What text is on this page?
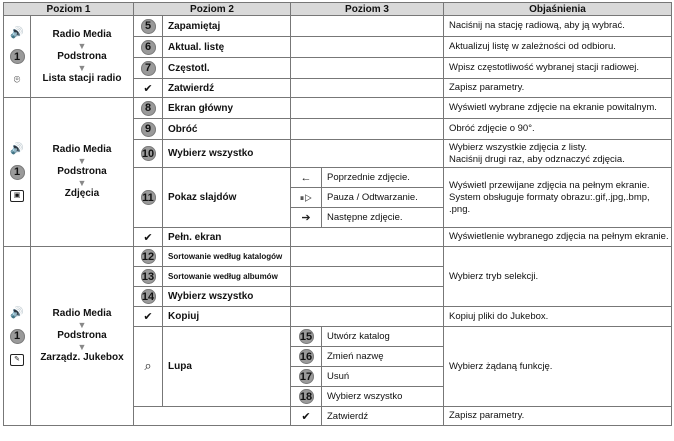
Poziom 1		Poziom 2		Poziom 3		Objaśnienia

🔊
1
⌾	Radio Media
▼
Podstrona
▼
Lista stacji radio	5	Zapamiętaj			Naciśnij na stację radiową, aby ją wybrać.
		6	Aktual. listę			Aktualizuj listę w zależności od odbioru.
		7	Częstotl.			Wpisz częstotliwość wybranej stacji radiowej.
		✔	Zatwierdź			Zapisz parametry.

🔊
1
▣	Radio Media
▼
Podstrona
▼
Zdjęcia	8	Ekran główny			Wyświetl wybrane zdjęcie na ekranie powitalnym.
		9	Obróć			Obróć zdjęcie o 90°.
		10	Wybierz wszystko			Wybierz wszystkie zdjęcia z listy.
Naciśnij drugi raz, aby odznaczyć zdjęcia.

		11	Pokaz slajdów	←	Poprzednie zdjęcie.	Wyświetl przewijane zdjęcia na pełnym ekranie.
System obsługuje formaty obrazu:.gif,.jpg,.bmp,
.png.

				⏸▷	Pauza / Odtwarzanie.	
				➔	Następne zdjęcie.	
		✔	Pełn. ekran			Wyświetlenie wybranego zdjęcia na pełnym ekranie.

🔊
1
✎	Radio Media
▼
Podstrona
▼
Zarządz. Jukebox	12	Sortowanie według katalogów			Wybierz tryb selekcji.
		13	Sortowanie według albumów			
		14	Wybierz wszystko			
		✔	Kopiuj			Kopiuj pliki do Jukebox.
		⌕	Lupa	15	Utwórz katalog	Wybierz żądaną funkcję.
				16	Zmień nazwę	
				17	Usuń	
				18	Wybierz wszystko	
				✔	Zatwierdź	Zapisz parametry.
